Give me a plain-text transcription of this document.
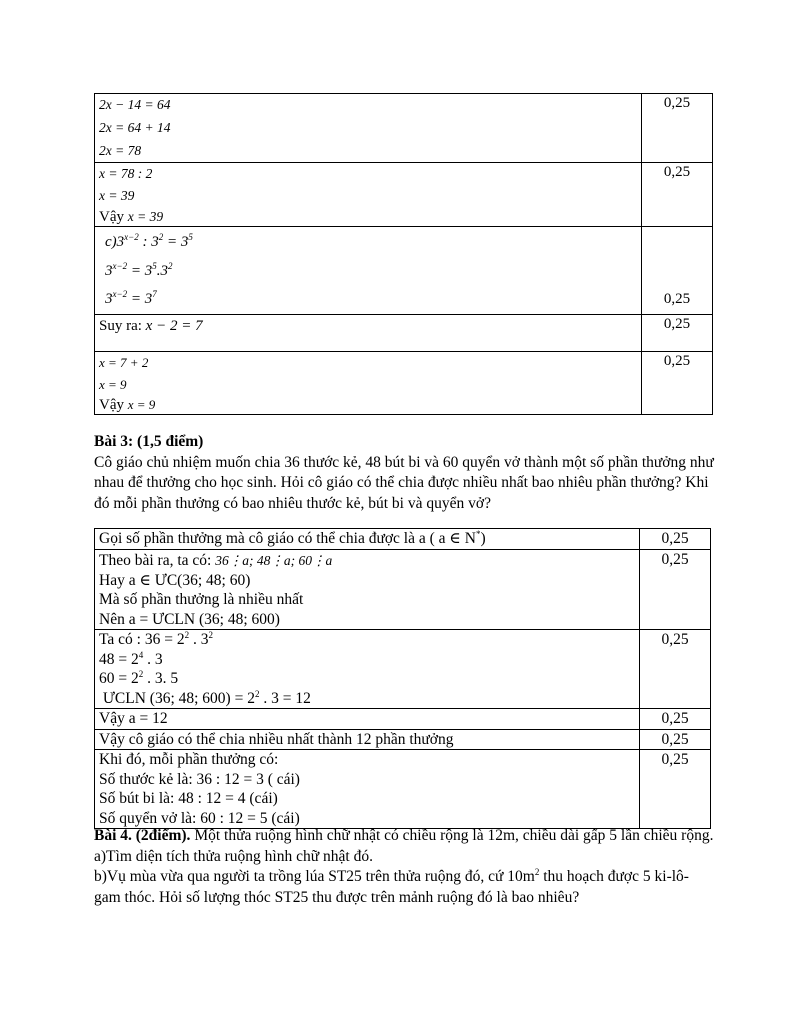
2x − 14 = 64
2x = 64 + 14
2x = 78	0,25

x = 78 : 2
x = 39
Vậy x = 39	0,25

$c)3^{x-2}$ : $3^2 = 3^5$
$3^{x-2} = 3^5.3^2$
$3^{x-2} = 3^7$	0,25

Suy ra: x − 2 = 7	0,25

x = 7 + 2
x = 9
Vậy x = 9	0,25
Bài 3: (1,5 điểm)
Cô giáo chủ nhiệm muốn chia 36 thước kẻ, 48 bút bi và 60 quyển vở thành một số phần thưởng như nhau để thưởng cho học sinh. Hỏi cô giáo có thể chia được nhiều nhất bao nhiêu phần thưởng? Khi đó mỗi phần thưởng có bao nhiêu thước kẻ, bút bi và quyển vở?
Gọi số phần thưởng mà cô giáo có thể chia được là a ( a ∈ N*)	0,25

Theo bài ra, ta có: 36⋮a; 48⋮a; 60⋮a
Hay a ∈ ƯC(36; 48; 60)
Mà số phần thưởng là nhiều nhất
Nên a = ƯCLN (36; 48; 600)	0,25

Ta có : $36 = 2^2$ . $3^2$
$48 = 2^4$ . 3
$60 = 2^2$ . 3. 5
ƯCLN (36; 48; $600) = 2^2$ . 3 = 12	0,25
Vậy a = 12	0,25
Vậy cô giáo có thể chia nhiều nhất thành 12 phần thưởng	0,25

Khi đó, mỗi phần thưởng có:
Số thước kẻ là: 36 : 12 = 3 ( cái)
Số bút bi là: 48 : 12 = 4 (cái)
Số quyển vở là: 60 : 12 = 5 (cái)	0,25
Bài 4. (2điểm). Một thửa ruộng hình chữ nhật có chiều rộng là 12m, chiều dài gấp 5 lần chiều rộng.
a)Tìm diện tích thửa ruộng hình chữ nhật đó.
b)Vụ mùa vừa qua người ta trồng lúa ST25 trên thửa ruộng đó, cứ $10m^2$ thu hoạch được 5 ki-lô-gam thóc. Hỏi số lượng thóc ST25 thu được trên mảnh ruộng đó là bao nhiêu?
